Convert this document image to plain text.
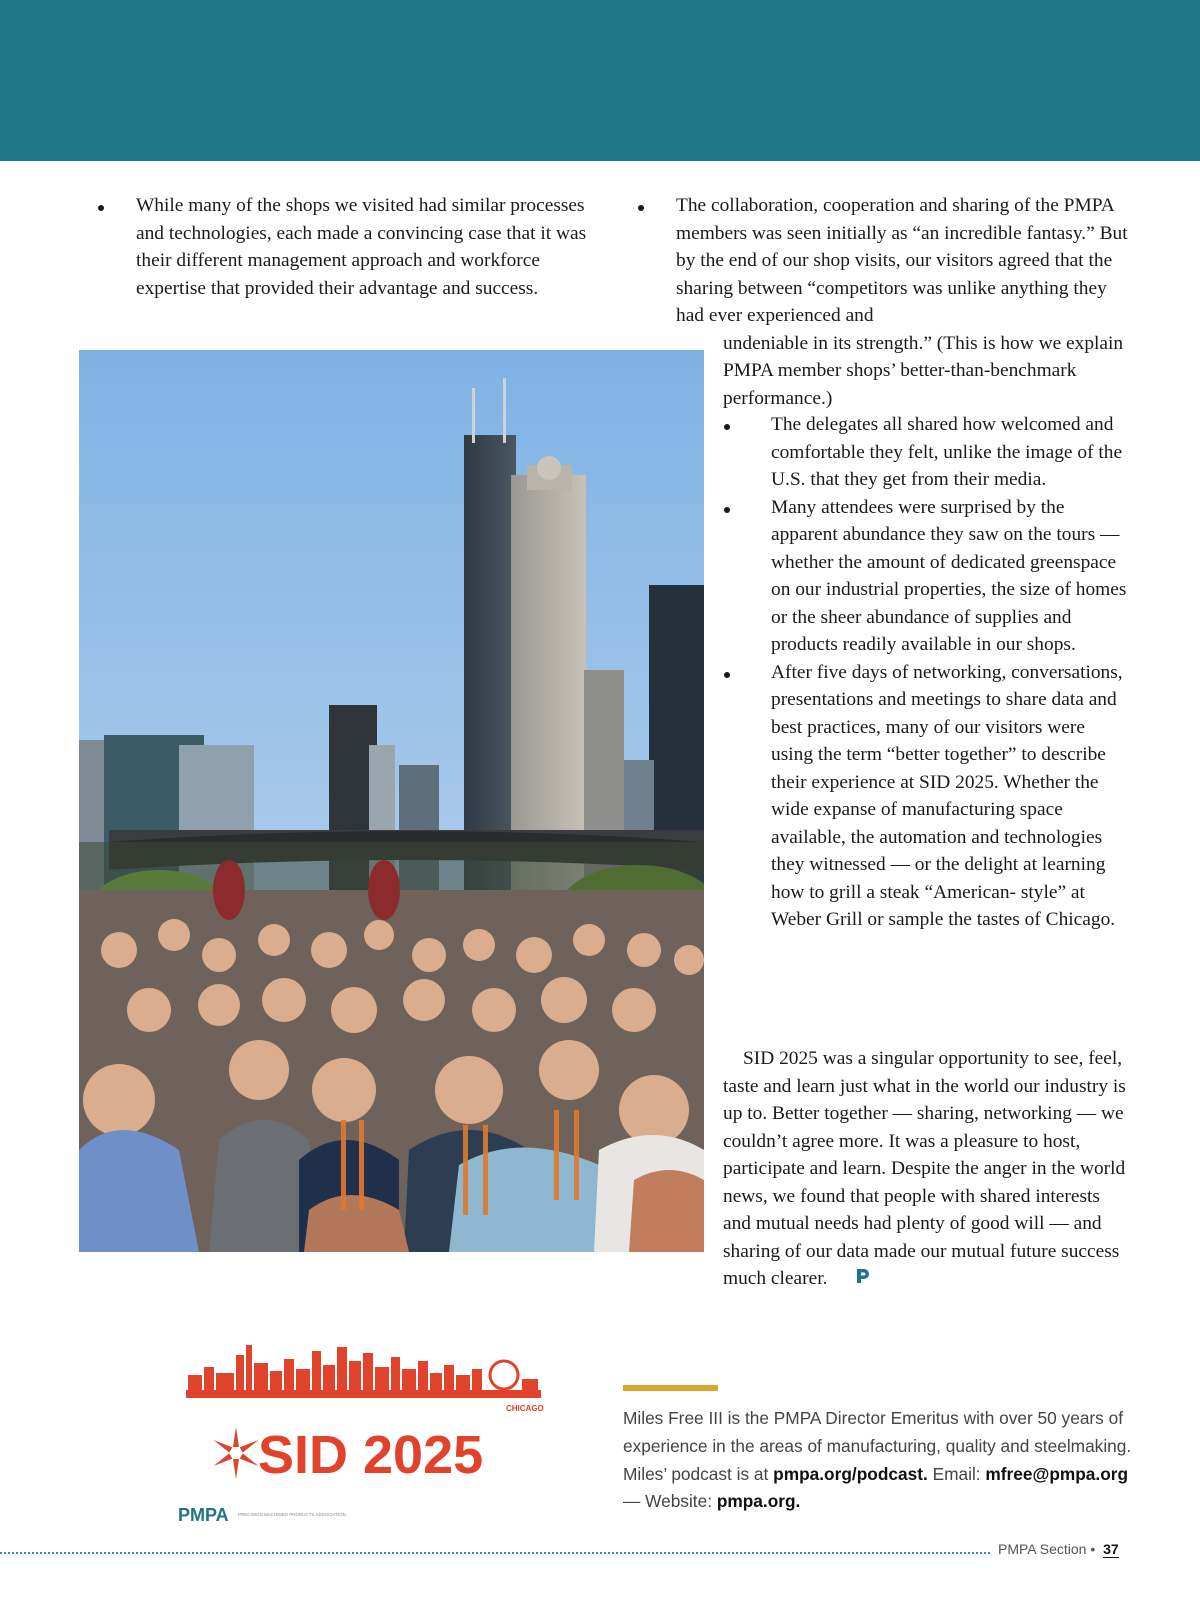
While many of the shops we visited had similar processes and technologies, each made a convincing case that it was their different management approach and workforce expertise that provided their advantage and success.
The collaboration, cooperation and sharing of the PMPA members was seen initially as “an incredible fantasy.” But by the end of our shop visits, our visitors agreed that the sharing between “competitors was unlike anything they had ever experienced and
undeniable in its strength.” (This is how we explain PMPA member shops’ better-than-benchmark performance.)
The delegates all shared how welcomed and comfortable they felt, unlike the image of the U.S. that they get from their media.
Many attendees were surprised by the apparent abundance they saw on the tours — whether the amount of dedicated greenspace on our industrial properties, the size of homes or the sheer abundance of supplies and products readily available in our shops.
After five days of networking, conversations, presentations and meetings to share data and best practices, many of our visitors were using the term “better together” to describe their experience at SID 2025. Whether the wide expanse of manufacturing space available, the automation and technologies they witnessed — or the delight at learning how to grill a steak “American- style” at Weber Grill or sample the tastes of Chicago.

SID 2025 was a singular opportunity to see, feel, taste and learn just what in the world our industry is up to. Better together — sharing, networking — we couldn’t agree more. It was a pleasure to host, participate and learn. Despite the anger in the world news, we found that people with shared interests and mutual needs had plenty of good will — and sharing of our data made our mutual future success much clearer.

CHICAGO
SID 2025
PMPA PRECISION MACHINED PRODUCTS ASSOCIATION
Miles Free III is the PMPA Director Emeritus with over 50 years of experience in the areas of manufacturing, quality and steelmaking. Miles’ podcast is at pmpa.org/podcast. Email: mfree@pmpa.org — Website: pmpa.org.
PMPA Section • 37
